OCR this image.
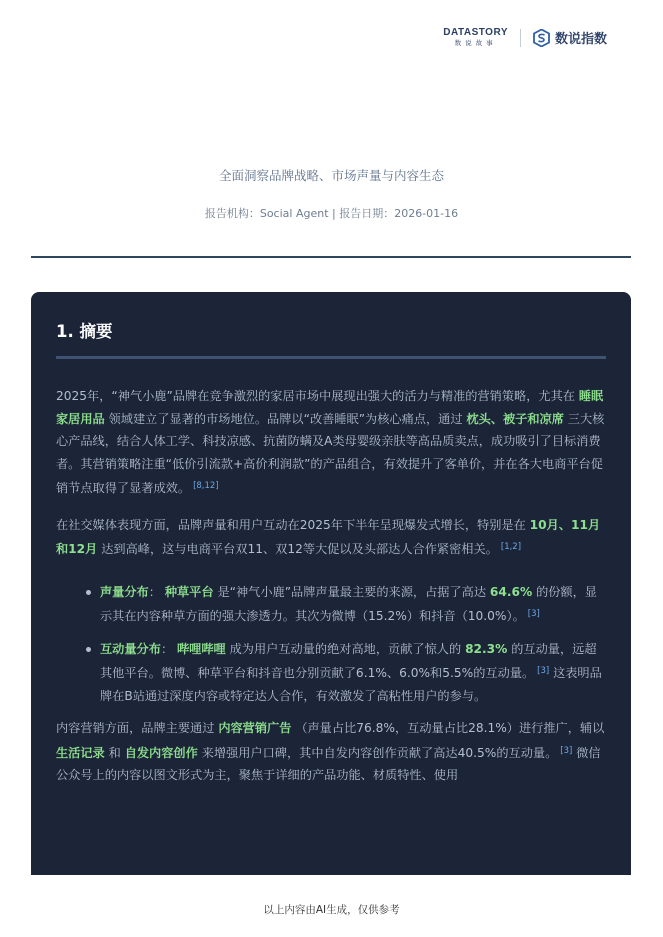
DATASTORY
数说故事	数说指数
全面洞察品牌战略、市场声量与内容生态
报告机构：Social Agent | 报告日期：2026-01-16
1. 摘要

2025年，“神气小鹿”品牌在竞争激烈的家居市场中展现出强大的活力与精准的营销策略，尤其在 睡眠家居用品 领域建立了显著的市场地位。品牌以“改善睡眠”为核心痛点，通过 枕头、被子和凉席 三大核心产品线，结合人体工学、科技凉感、抗菌防螨及A类母婴级亲肤等高品质卖点，成功吸引了目标消费者。其营销策略注重“低价引流款+高价利润款”的产品组合，有效提升了客单价，并在各大电商平台促销节点取得了显著成效。 [8,12]

在社交媒体表现方面，品牌声量和用户互动在2025年下半年呈现爆发式增长，特别是在 10月、11月和12月 达到高峰，这与电商平台双11、双12等大促以及头部达人合作紧密相关。 [1,2]

声量分布： 种草平台 是“神气小鹿”品牌声量最主要的来源，占据了高达 64.6% 的份额，显示其在内容种草方面的强大渗透力。其次为微博（15.2%）和抖音（10.0%）。 [3]
互动量分布： 哔哩哔哩 成为用户互动量的绝对高地，贡献了惊人的 82.3% 的互动量，远超其他平台。微博、种草平台和抖音也分别贡献了6.1%、6.0%和5.5%的互动量。 [3] 这表明品牌在B站通过深度内容或特定达人合作，有效激发了高粘性用户的参与。

内容营销方面，品牌主要通过 内容营销广告 （声量占比76.8%，互动量占比28.1%）进行推广，辅以 生活记录 和 自发内容创作 来增强用户口碑，其中自发内容创作贡献了高达40.5%的互动量。 [3] 微信公众号上的内容以图文形式为主，聚焦于详细的产品功能、材质特性、使用

以上内容由AI生成，仅供参考
